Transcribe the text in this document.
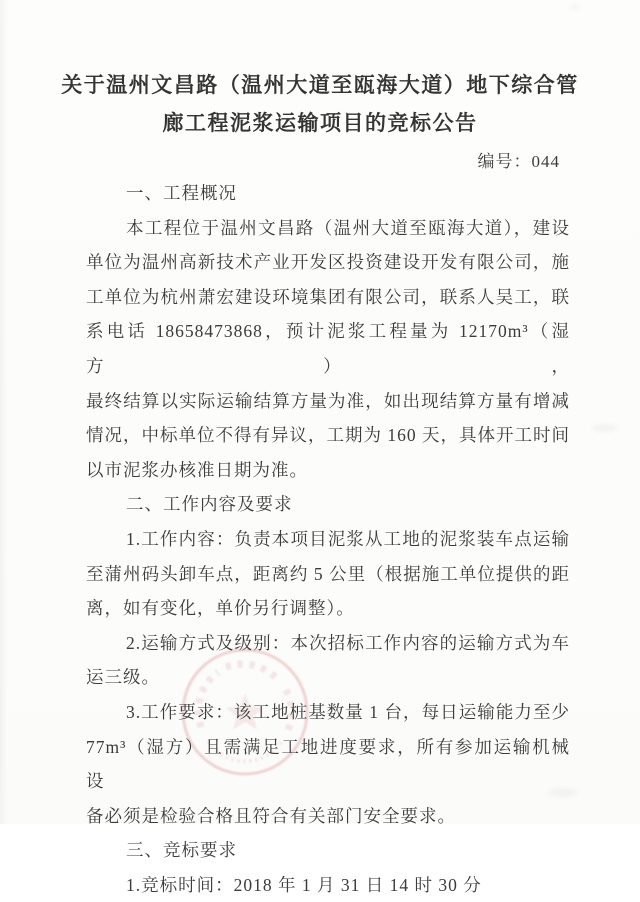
关于温州文昌路（温州大道至瓯海大道）地下综合管
廊工程泥浆运输项目的竞标公告
编号：044
一、工程概况
本工程位于温州文昌路（温州大道至瓯海大道），建设
单位为温州高新技术产业开发区投资建设开发有限公司，施
工单位为杭州萧宏建设环境集团有限公司，联系人吴工，联
系电话 18658473868，预计泥浆工程量为 12170m³（湿方），
最终结算以实际运输结算方量为准，如出现结算方量有增减
情况，中标单位不得有异议，工期为 160 天，具体开工时间
以市泥浆办核准日期为准。
二、工作内容及要求
1.工作内容：负责本项目泥浆从工地的泥浆装车点运输
至蒲州码头卸车点，距离约 5 公里（根据施工单位提供的距
离，如有变化，单价另行调整）。
2.运输方式及级别：本次招标工作内容的运输方式为车
运三级。
3.工作要求：该工地桩基数量 1 台，每日运输能力至少
77m³（湿方）且需满足工地进度要求，所有参加运输机械设
备必须是检验合格且符合有关部门安全要求。
三、竞标要求
1.竞标时间：2018 年 1 月 31 日 14 时 30 分
